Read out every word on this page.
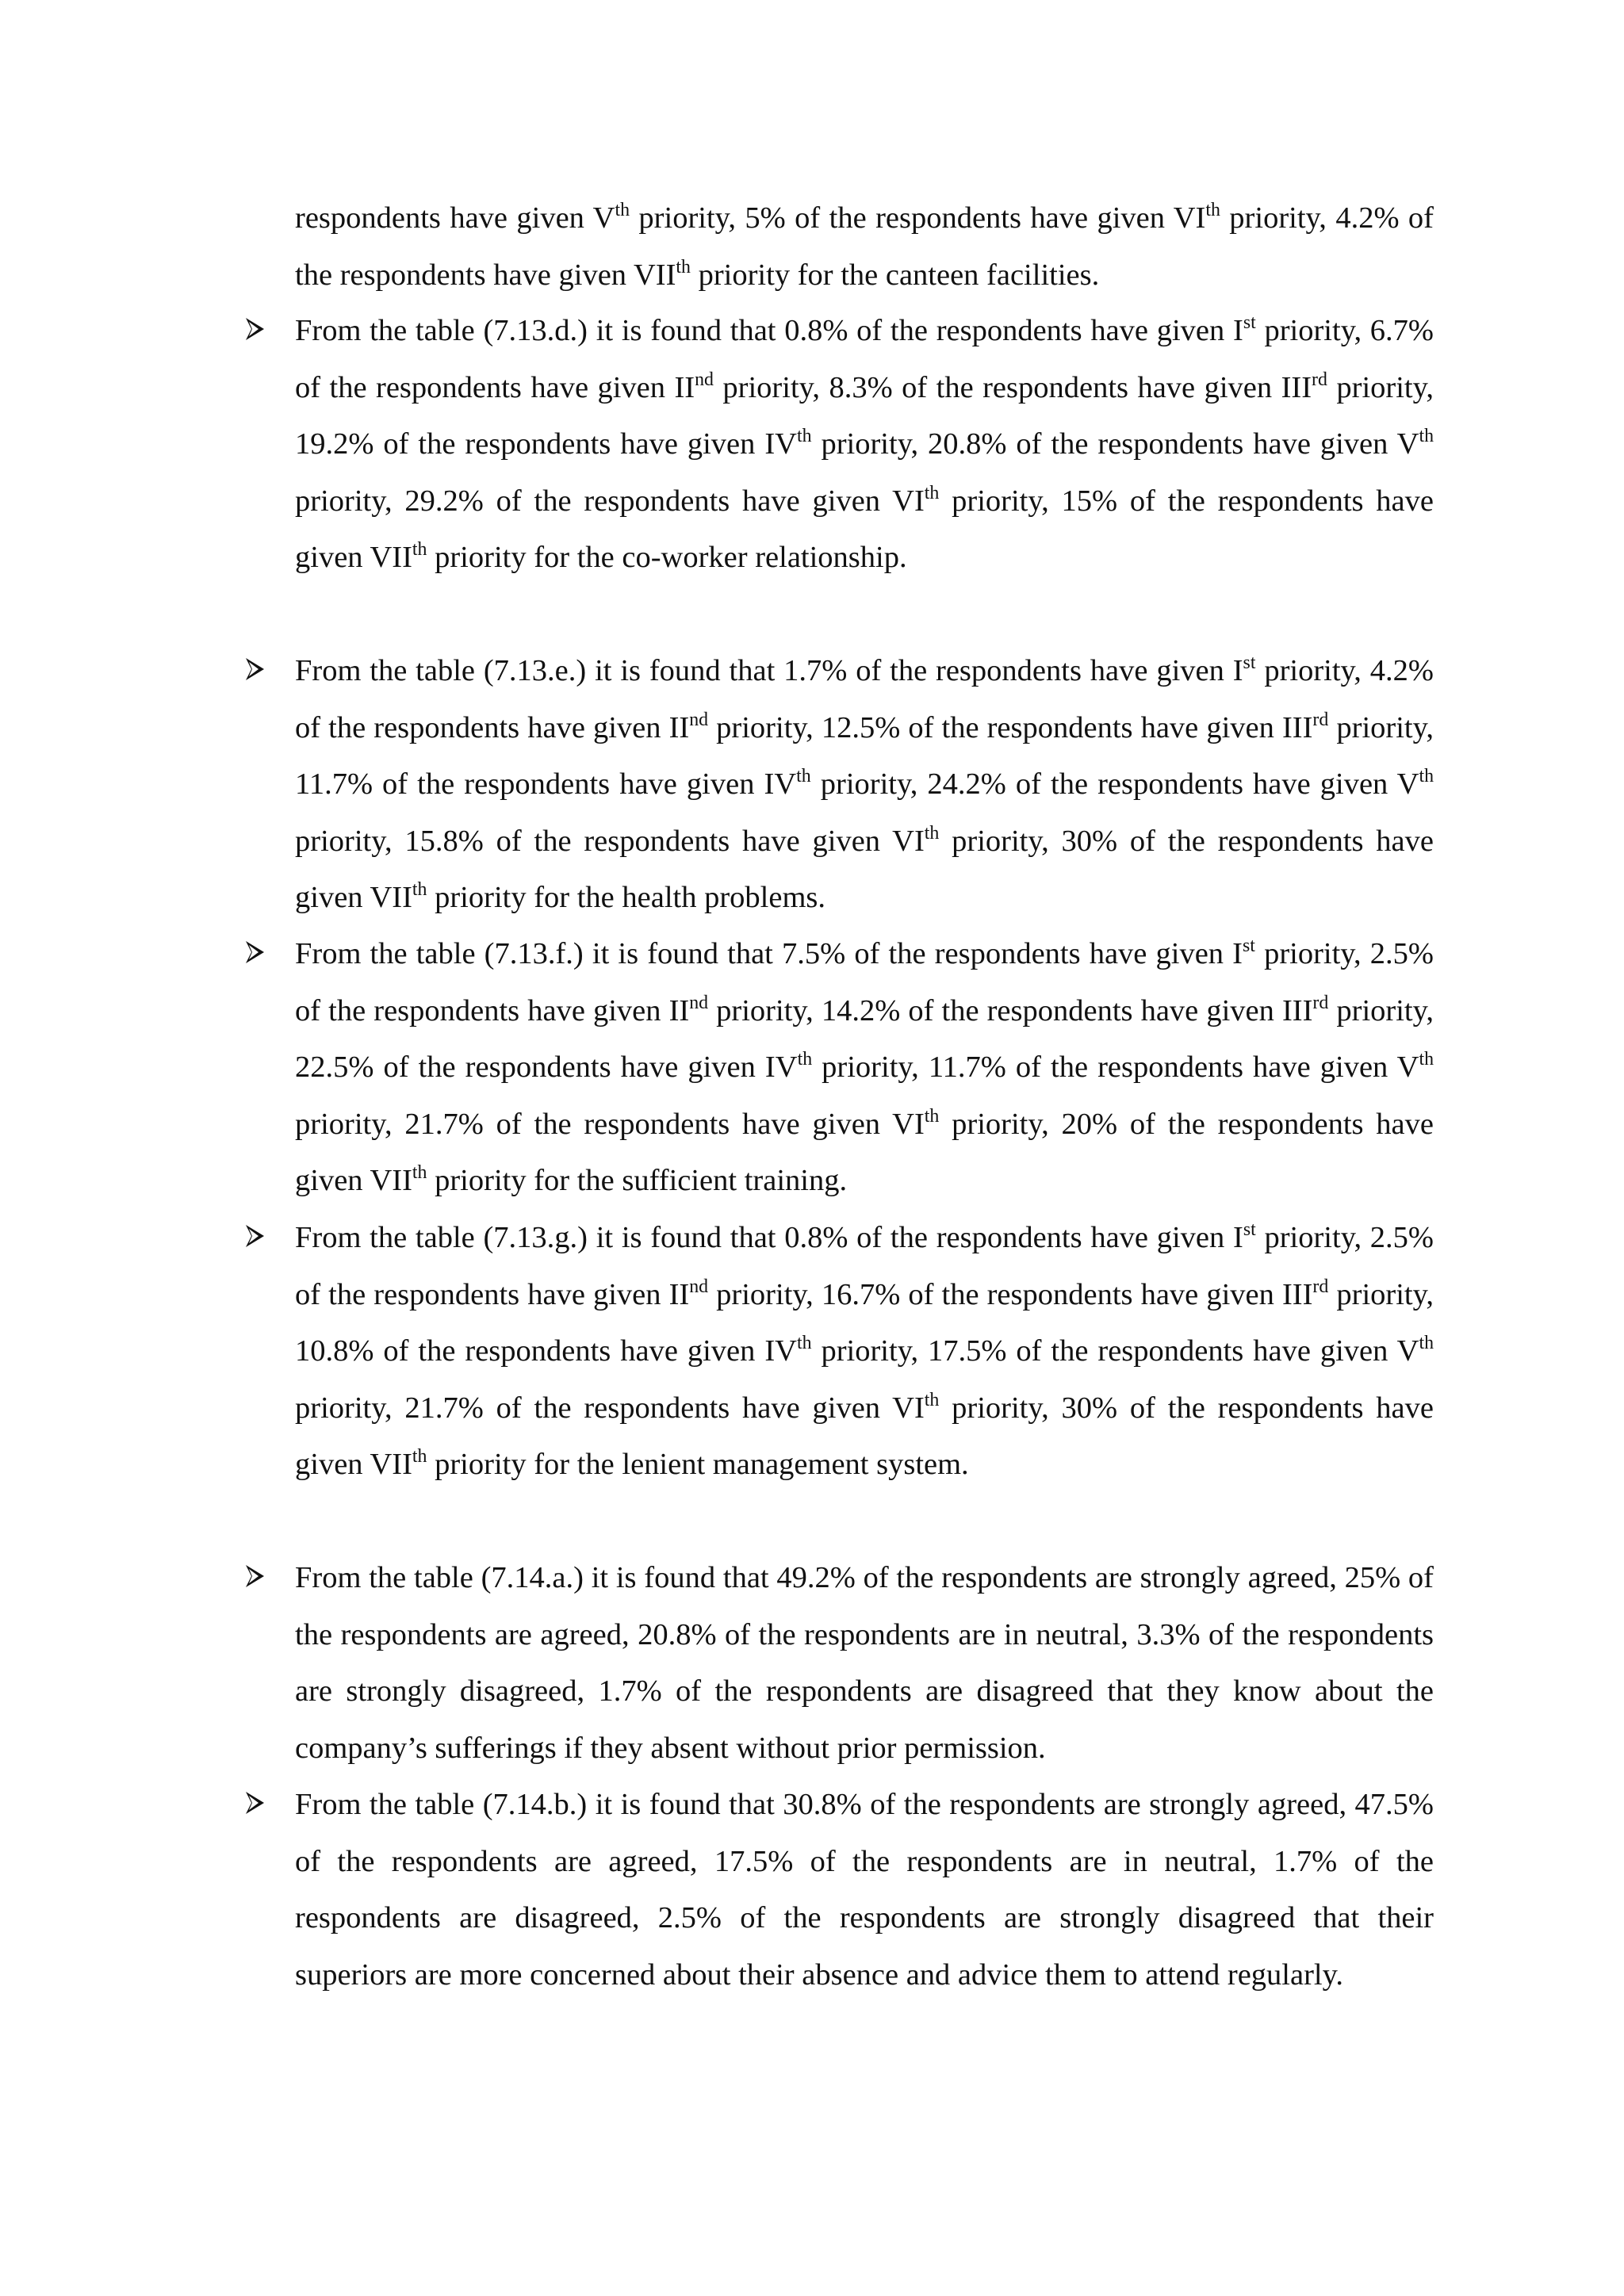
respondents have given Vth priority, 5% of the respondents have given VIth priority, 4.2% of the respondents have given VIIth priority for the canteen facilities.
From the table (7.13.d.) it is found that 0.8% of the respondents have given Ist priority, 6.7% of the respondents have given IInd priority, 8.3% of the respondents have given IIIrd priority, 19.2% of the respondents have given IVth priority, 20.8% of the respondents have given Vth priority, 29.2% of the respondents have given VIth priority, 15% of the respondents have given VIIth priority for the co-worker relationship.
From the table (7.13.e.) it is found that 1.7% of the respondents have given Ist priority, 4.2% of the respondents have given IInd priority, 12.5% of the respondents have given IIIrd priority, 11.7% of the respondents have given IVth priority, 24.2% of the respondents have given Vth priority, 15.8% of the respondents have given VIth priority, 30% of the respondents have given VIIth priority for the health problems.
From the table (7.13.f.) it is found that 7.5% of the respondents have given Ist priority, 2.5% of the respondents have given IInd priority, 14.2% of the respondents have given IIIrd priority, 22.5% of the respondents have given IVth priority, 11.7% of the respondents have given Vth priority, 21.7% of the respondents have given VIth priority, 20% of the respondents have given VIIth priority for the sufficient training.
From the table (7.13.g.) it is found that 0.8% of the respondents have given Ist priority, 2.5% of the respondents have given IInd priority, 16.7% of the respondents have given IIIrd priority, 10.8% of the respondents have given IVth priority, 17.5% of the respondents have given Vth priority, 21.7% of the respondents have given VIth priority, 30% of the respondents have given VIIth priority for the lenient management system.
From the table (7.14.a.) it is found that 49.2% of the respondents are strongly agreed, 25% of the respondents are agreed, 20.8% of the respondents are in neutral, 3.3% of the respondents are strongly disagreed, 1.7% of the respondents are disagreed that they know about the company’s sufferings if they absent without prior permission.
From the table (7.14.b.) it is found that 30.8% of the respondents are strongly agreed, 47.5% of the respondents are agreed, 17.5% of the respondents are in neutral, 1.7% of the respondents are disagreed, 2.5% of the respondents are strongly disagreed that their superiors are more concerned about their absence and advice them to attend regularly.
